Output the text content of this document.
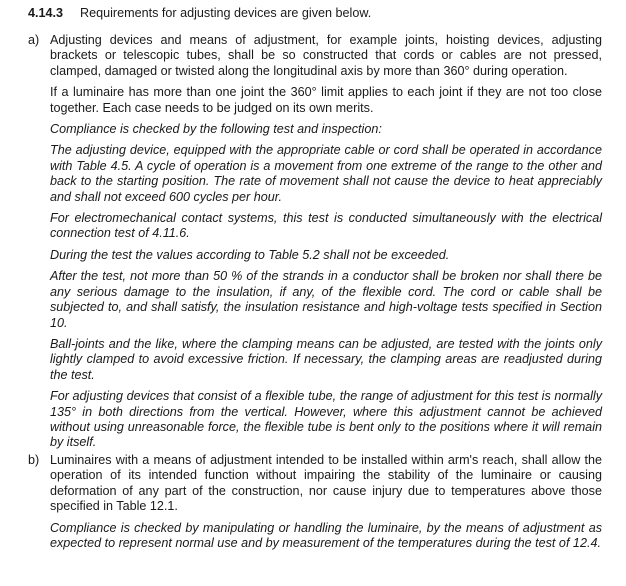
4.14.3 Requirements for adjusting devices are given below.
a) Adjusting devices and means of adjustment, for example joints, hoisting devices, adjusting brackets or telescopic tubes, shall be so constructed that cords or cables are not pressed, clamped, damaged or twisted along the longitudinal axis by more than 360° during operation.

If a luminaire has more than one joint the 360° limit applies to each joint if they are not too close together. Each case needs to be judged on its own merits.

Compliance is checked by the following test and inspection:

The adjusting device, equipped with the appropriate cable or cord shall be operated in accordance with Table 4.5. A cycle of operation is a movement from one extreme of the range to the other and back to the starting position. The rate of movement shall not cause the device to heat appreciably and shall not exceed 600 cycles per hour.

For electromechanical contact systems, this test is conducted simultaneously with the electrical connection test of 4.11.6.

During the test the values according to Table 5.2 shall not be exceeded.

After the test, not more than 50 % of the strands in a conductor shall be broken nor shall there be any serious damage to the insulation, if any, of the flexible cord. The cord or cable shall be subjected to, and shall satisfy, the insulation resistance and high-voltage tests specified in Section 10.

Ball-joints and the like, where the clamping means can be adjusted, are tested with the joints only lightly clamped to avoid excessive friction. If necessary, the clamping areas are readjusted during the test.

For adjusting devices that consist of a flexible tube, the range of adjustment for this test is normally 135° in both directions from the vertical. However, where this adjustment cannot be achieved without using unreasonable force, the flexible tube is bent only to the positions where it will remain by itself.

b) Luminaires with a means of adjustment intended to be installed within arm's reach, shall allow the operation of its intended function without impairing the stability of the luminaire or causing deformation of any part of the construction, nor cause injury due to temperatures above those specified in Table 12.1.

Compliance is checked by manipulating or handling the luminaire, by the means of adjustment as expected to represent normal use and by measurement of the temperatures during the test of 12.4.
